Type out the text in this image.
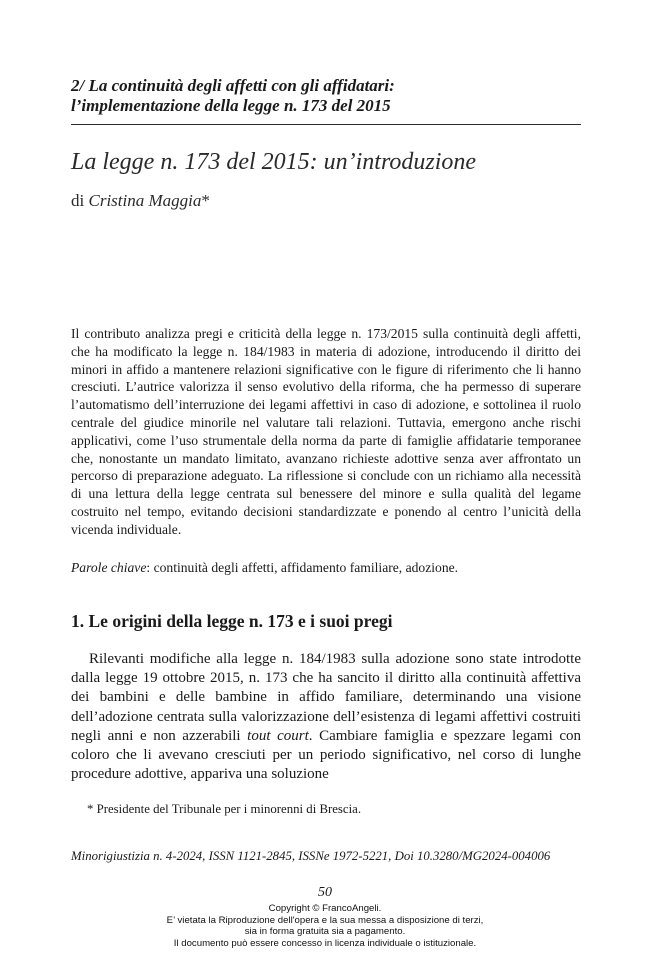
2/ La continuità degli affetti con gli affidatari:
l’implementazione della legge n. 173 del 2015
La legge n. 173 del 2015: un’introduzione
di Cristina Maggia*
Il contributo analizza pregi e criticità della legge n. 173/2015 sulla continuità degli affetti, che ha modificato la legge n. 184/1983 in materia di adozione, introducendo il diritto dei minori in affido a mantenere relazioni significative con le figure di riferimento che li hanno cresciuti. L’autrice valorizza il senso evolutivo della riforma, che ha permesso di superare l’automatismo dell’interruzione dei legami affettivi in caso di adozione, e sottolinea il ruolo centrale del giudice minorile nel valutare tali relazioni. Tuttavia, emergono anche rischi applicativi, come l’uso strumentale della norma da parte di famiglie affidatarie temporanee che, nonostante un mandato limitato, avanzano richieste adottive senza aver affrontato un percorso di preparazione adeguato. La riflessione si conclude con un richiamo alla necessità di una lettura della legge centrata sul benessere del minore e sulla qualità del legame costruito nel tempo, evitando decisioni standardizzate e ponendo al centro l’unicità della vicenda individuale.
Parole chiave: continuità degli affetti, affidamento familiare, adozione.
1. Le origini della legge n. 173 e i suoi pregi
Rilevanti modifiche alla legge n. 184/1983 sulla adozione sono state introdotte dalla legge 19 ottobre 2015, n. 173 che ha sancito il diritto alla continuità affettiva dei bambini e delle bambine in affido familiare, determinando una visione dell’adozione centrata sulla valorizzazione dell’esistenza di legami affettivi costruiti negli anni e non azzerabili tout court. Cambiare famiglia e spezzare legami con coloro che li avevano cresciuti per un periodo significativo, nel corso di lunghe procedure adottive, appariva una soluzione
* Presidente del Tribunale per i minorenni di Brescia.
Minorigiustizia n. 4-2024, ISSN 1121-2845, ISSNe 1972-5221, Doi 10.3280/MG2024-004006
50
Copyright © FrancoAngeli.
E’ vietata la Riproduzione dell'opera e la sua messa a disposizione di terzi,
sia in forma gratuita sia a pagamento.
Il documento può essere concesso in licenza individuale o istituzionale.
